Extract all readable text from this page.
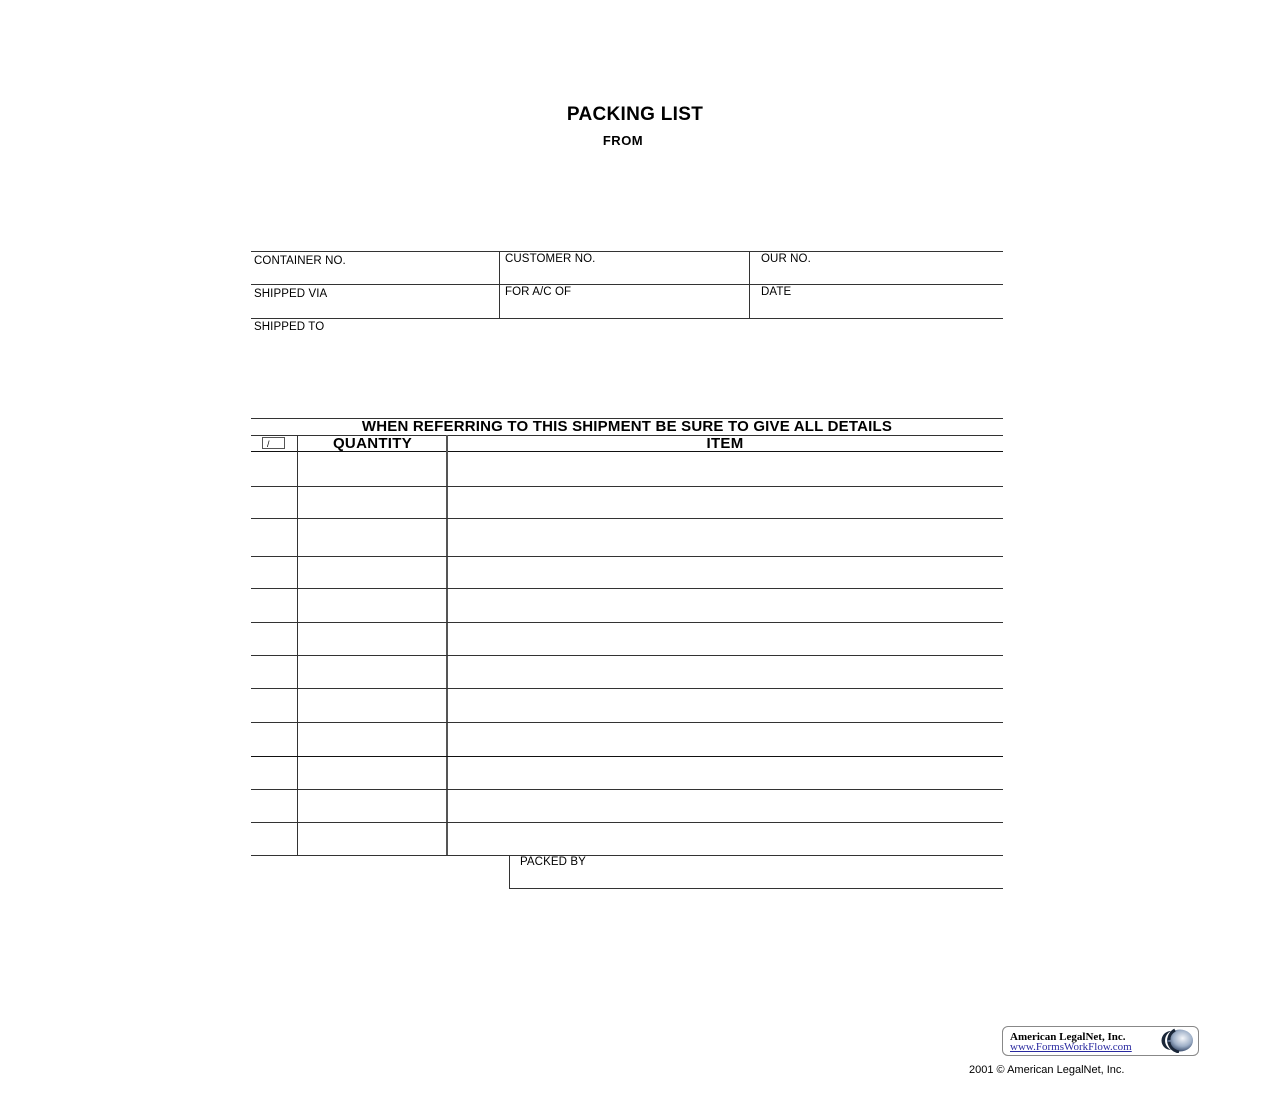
PACKING LIST
FROM
CONTAINER NO.	CUSTOMER NO.	OUR NO.
SHIPPED VIA	FOR A/C OF	DATE
SHIPPED TO
WHEN REFERRING TO THIS SHIPMENT BE SURE TO GIVE ALL DETAILS
/	QUANTITY	ITEM
PACKED BY
American LegalNet, Inc.
www.FormsWorkFlow.com
2001 © American LegalNet, Inc.
